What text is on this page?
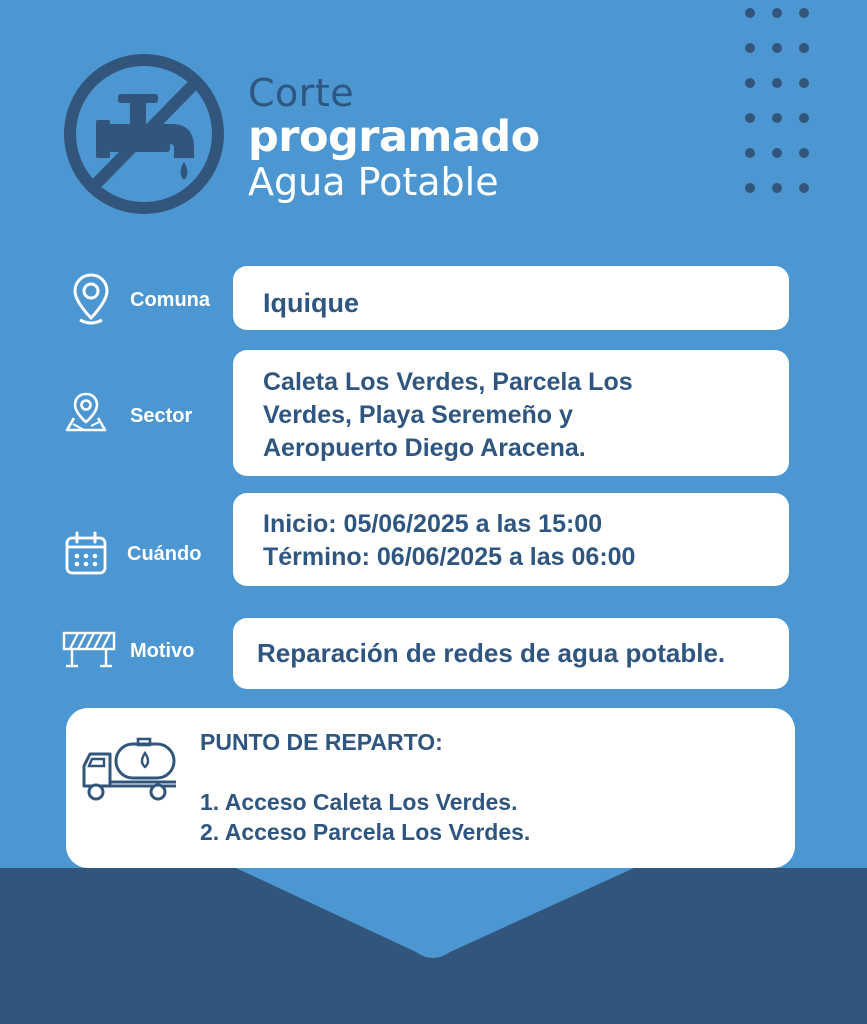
Corte
programado
Agua Potable
Comuna Iquique
Sector
Caleta Los Verdes, Parcela Los
Verdes, Playa Seremeño y
Aeropuerto Diego Aracena.
Cuándo
Inicio: 05/06/2025 a las 15:00
Término: 06/06/2025 a las 06:00
Motivo Reparación de redes de agua potable.
PUNTO DE REPARTO:
1. Acceso Caleta Los Verdes.
2. Acceso Parcela Los Verdes.
